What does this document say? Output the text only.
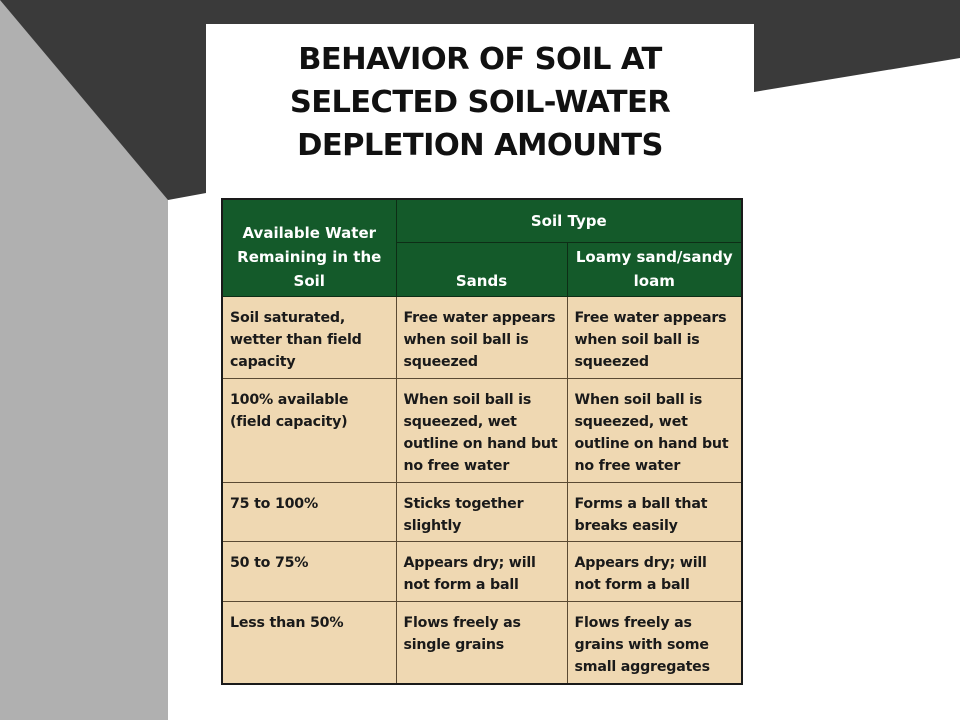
BEHAVIOR OF SOIL AT
SELECTED SOIL-WATER
DEPLETION AMOUNTS
Available Water Remaining in the Soil	Soil Type	
	Sands	Loamy sand/sandy loam
Soil saturated, wetter than field capacity	Free water appears when soil ball is squeezed	Free water appears when soil ball is squeezed
100% available (field capacity)	When soil ball is squeezed, wet outline on hand but no free water	When soil ball is squeezed, wet outline on hand but no free water
75 to 100%	Sticks together slightly	Forms a ball that breaks easily
50 to 75%	Appears dry; will not form a ball	Appears dry; will not form a ball
Less than 50%	Flows freely as single grains	Flows freely as grains with some small aggregates
